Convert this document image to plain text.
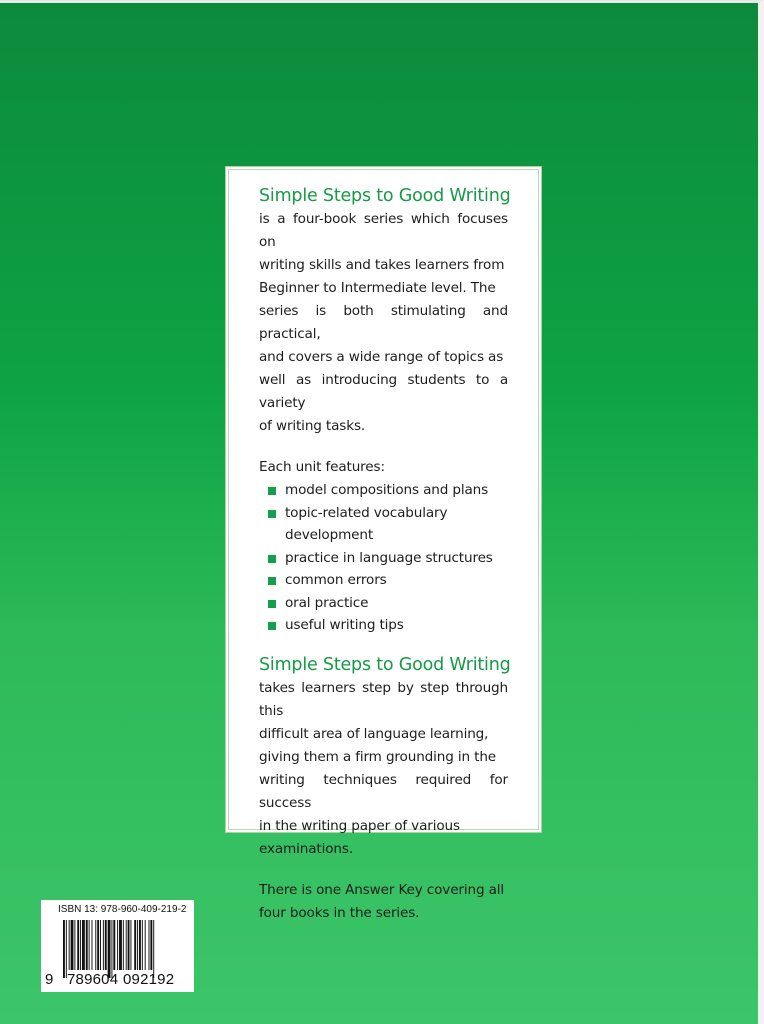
Simple Steps to Good Writing

is a four-book series which focuses on
writing skills and takes learners from
Beginner to Intermediate level. The
series is both stimulating and practical,
and covers a wide range of topics as
well as introducing students to a variety
of writing tasks.

Each unit features:

model compositions and plans
topic-related vocabulary
development
practice in language structures
common errors
oral practice
useful writing tips

Simple Steps to Good Writing

takes learners step by step through this
difficult area of language learning,
giving them a firm grounding in the
writing techniques required for success
in the writing paper of various
examinations.

There is one Answer Key covering all
four books in the series.

ISBN 13: 978-960-409-219-2
9 789604 092192
